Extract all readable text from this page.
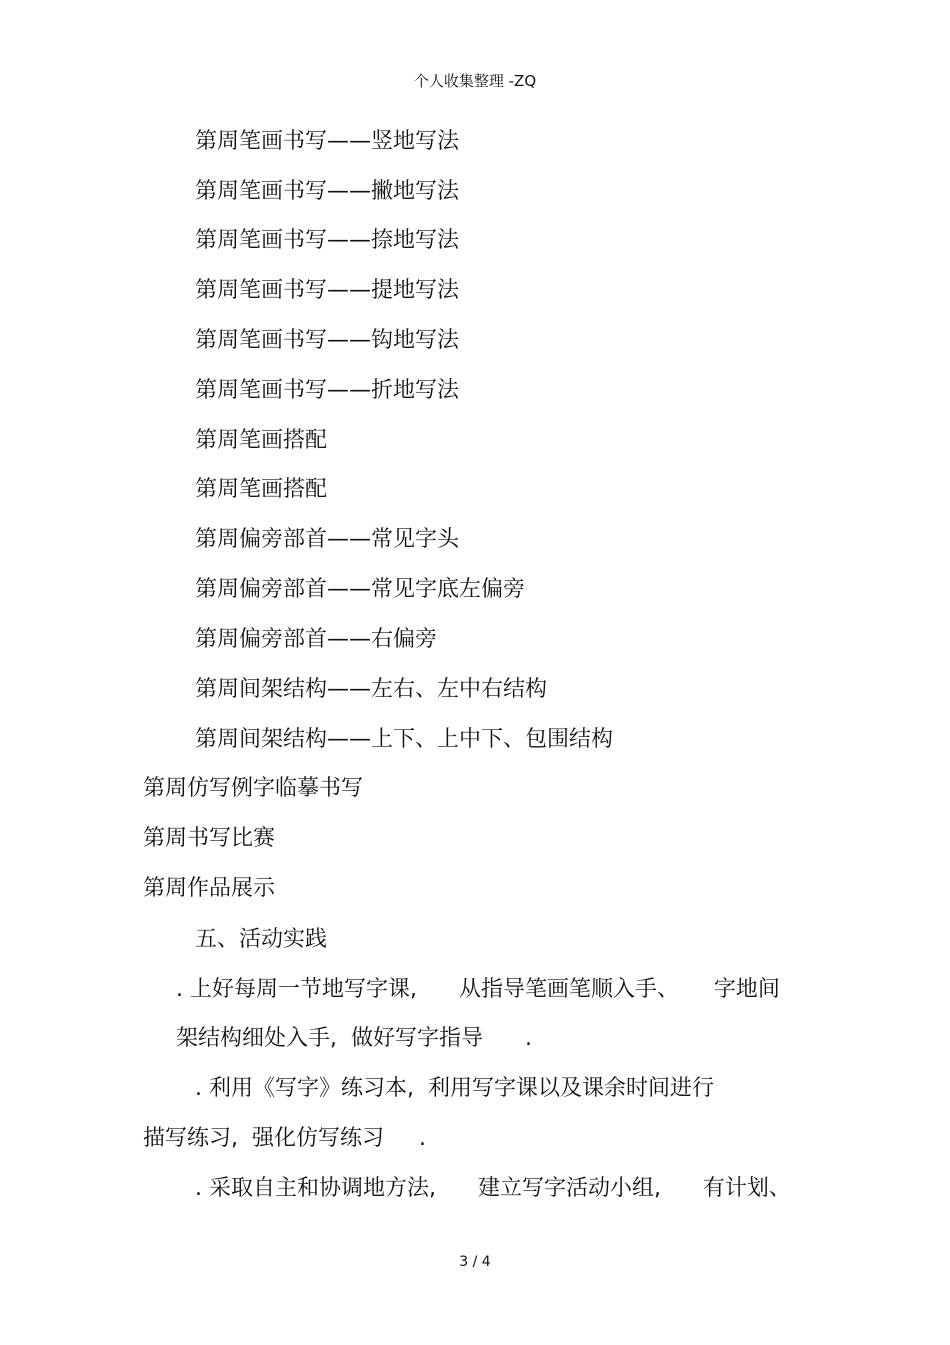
个人收集整理 -ZQ
第周笔画书写——竖地写法
第周笔画书写——撇地写法
第周笔画书写——捺地写法
第周笔画书写——提地写法
第周笔画书写——钩地写法
第周笔画书写——折地写法
第周笔画搭配
第周笔画搭配
第周偏旁部首——常见字头
第周偏旁部首——常见字底左偏旁
第周偏旁部首——右偏旁
第周间架结构——左右、左中右结构
第周间架结构——上下、上中下、包围结构
第周仿写例字临摹书写
第周书写比赛
第周作品展示
五、活动实践
. 上好每周一节地写字课,      从指导笔画笔顺入手、     字地间
架结构细处入手,  做好写字指导      .
. 利用《写字》练习本,  利用写字课以及课余时间进行
描写练习,  强化仿写练习     .
. 采取自主和协调地方法,      建立写字活动小组,      有计划、
3 / 4
